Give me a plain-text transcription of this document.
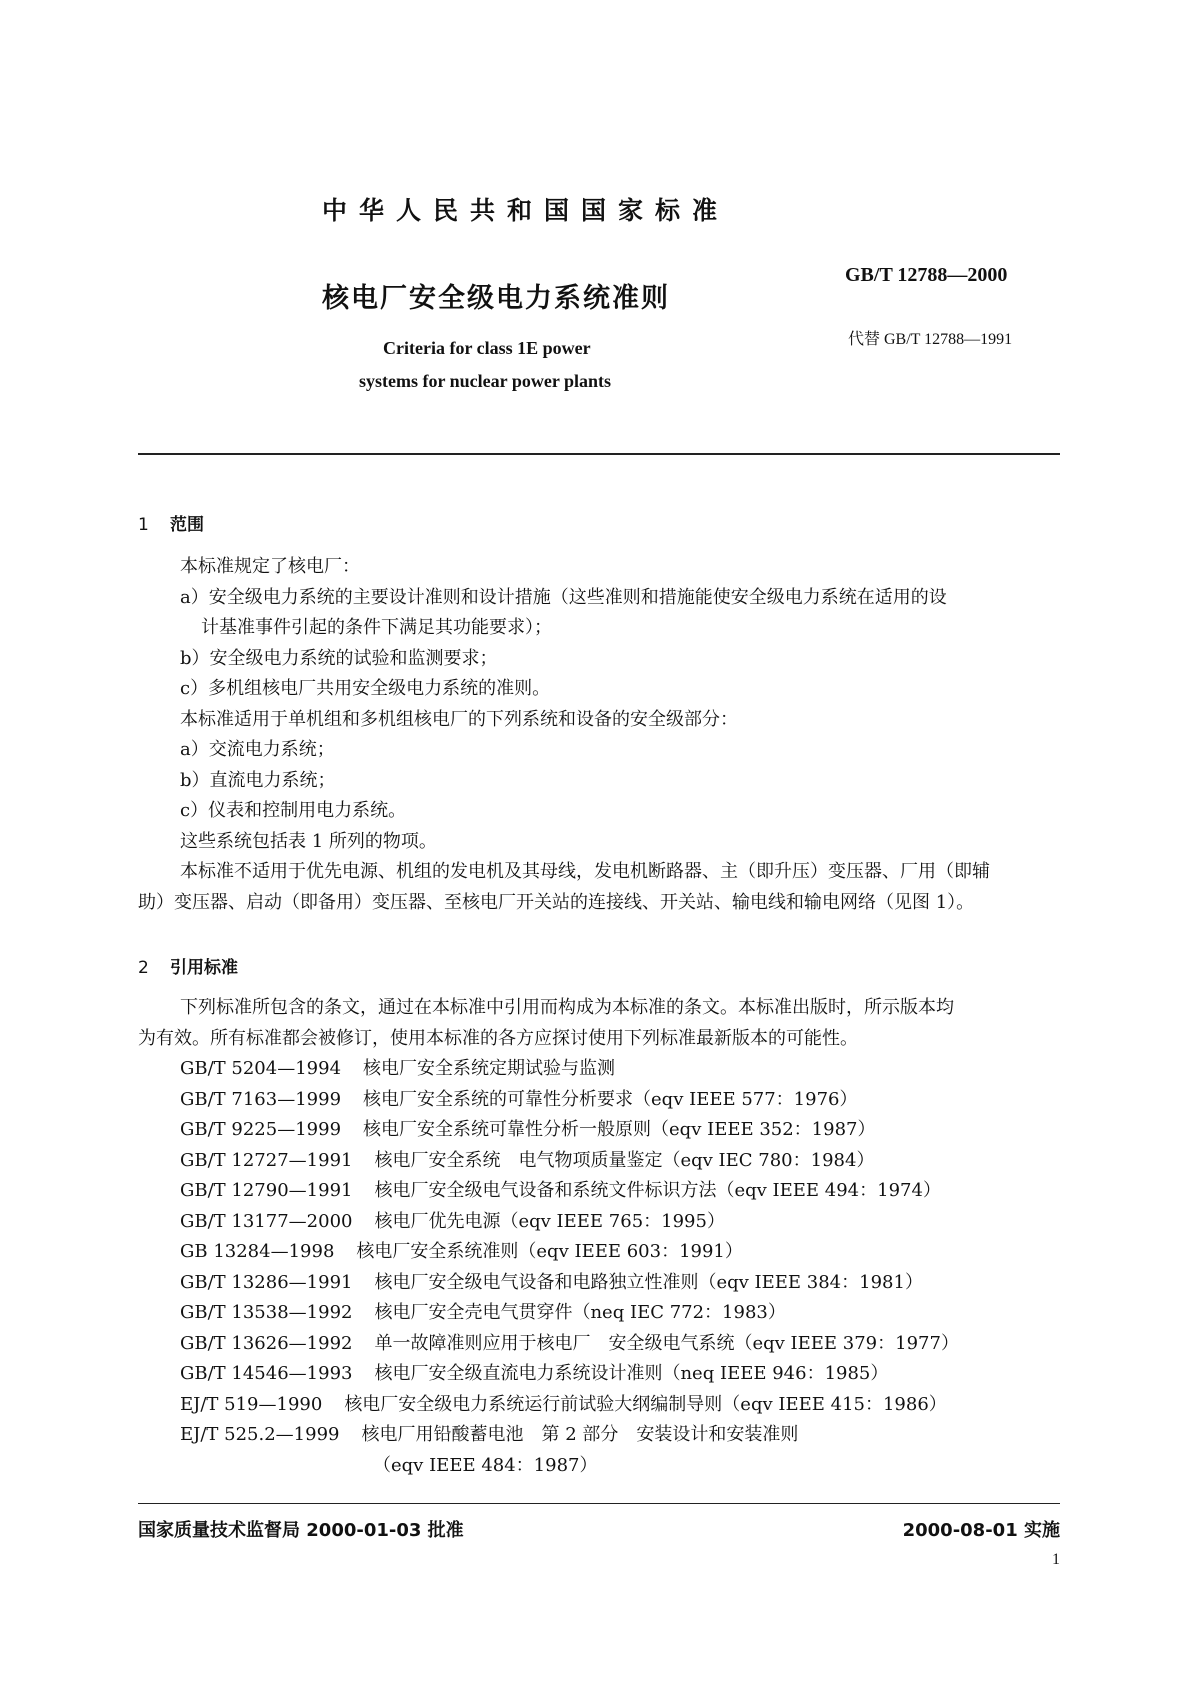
中华人民共和国国家标准
核电厂安全级电力系统准则
Criteria for class 1E power
systems for nuclear power plants
GB/T 12788—2000
代替 GB/T 12788—1991
1 范围

本标准规定了核电厂：

a）安全级电力系统的主要设计准则和设计措施（这些准则和措施能使安全级电力系统在适用的设

计基准事件引起的条件下满足其功能要求）；

b）安全级电力系统的试验和监测要求；

c）多机组核电厂共用安全级电力系统的准则。

本标准适用于单机组和多机组核电厂的下列系统和设备的安全级部分：

a）交流电力系统；

b）直流电力系统；

c）仪表和控制用电力系统。

这些系统包括表 1 所列的物项。

本标准不适用于优先电源、机组的发电机及其母线，发电机断路器、主（即升压）变压器、厂用（即辅

助）变压器、启动（即备用）变压器、至核电厂开关站的连接线、开关站、输电线和输电网络（见图 1）。

2 引用标准

下列标准所包含的条文，通过在本标准中引用而构成为本标准的条文。本标准出版时，所示版本均

为有效。所有标准都会被修订，使用本标准的各方应探讨使用下列标准最新版本的可能性。

GB/T 5204—1994 核电厂安全系统定期试验与监测
GB/T 7163—1999 核电厂安全系统的可靠性分析要求（eqv IEEE 577：1976）
GB/T 9225—1999 核电厂安全系统可靠性分析一般原则（eqv IEEE 352：1987）
GB/T 12727—1991 核电厂安全系统　电气物项质量鉴定（eqv IEC 780：1984）
GB/T 12790—1991 核电厂安全级电气设备和系统文件标识方法（eqv IEEE 494：1974）
GB/T 13177—2000 核电厂优先电源（eqv IEEE 765：1995）
GB 13284—1998 核电厂安全系统准则（eqv IEEE 603：1991）
GB/T 13286—1991 核电厂安全级电气设备和电路独立性准则（eqv IEEE 384：1981）
GB/T 13538—1992 核电厂安全壳电气贯穿件（neq IEC 772：1983）
GB/T 13626—1992 单一故障准则应用于核电厂　安全级电气系统（eqv IEEE 379：1977）
GB/T 14546—1993 核电厂安全级直流电力系统设计准则（neq IEEE 946：1985）
EJ/T 519—1990 核电厂安全级电力系统运行前试验大纲编制导则（eqv IEEE 415：1986）
EJ/T 525.2—1999 核电厂用铅酸蓄电池　第 2 部分　安装设计和安装准则

（eqv IEEE 484：1987）

国家质量技术监督局 2000-01-03 批准	2000-08-01 实施
1
